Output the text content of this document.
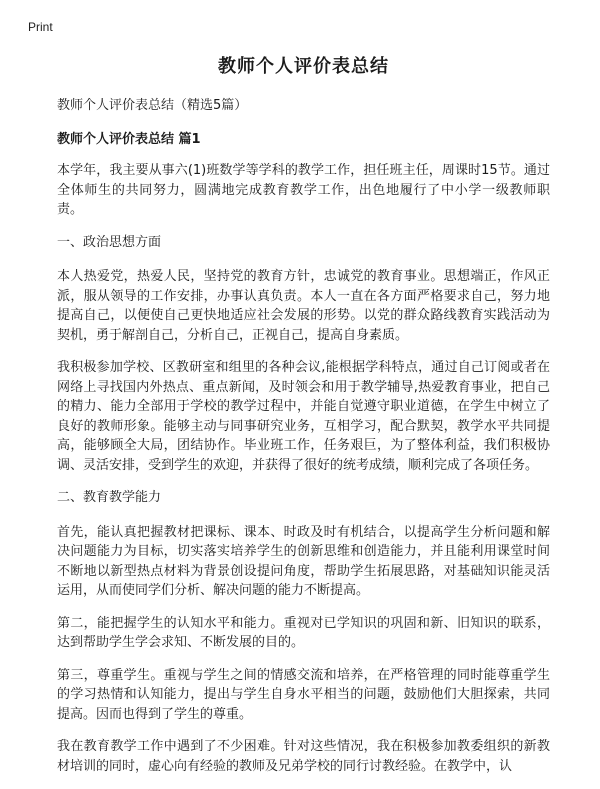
Print
教师个人评价表总结

教师个人评价表总结（精选5篇）

教师个人评价表总结 篇1

本学年，我主要从事六(1)班数学等学科的教学工作，担任班主任，周课时15节。通过全体师生的共同努力，圆满地完成教育教学工作，出色地履行了中小学一级教师职责。

一、政治思想方面

本人热爱党，热爱人民，坚持党的教育方针，忠诚党的教育事业。思想端正，作风正派，服从领导的工作安排，办事认真负责。本人一直在各方面严格要求自己，努力地提高自己，以便使自己更快地适应社会发展的形势。以党的群众路线教育实践活动为契机，勇于解剖自己，分析自己，正视自己，提高自身素质。

我积极参加学校、区教研室和组里的各种会议,能根据学科特点，通过自己订阅或者在网络上寻找国内外热点、重点新闻，及时领会和用于教学辅导,热爱教育事业，把自己的精力、能力全部用于学校的教学过程中，并能自觉遵守职业道德，在学生中树立了良好的教师形象。能够主动与同事研究业务，互相学习，配合默契，教学水平共同提高，能够顾全大局，团结协作。毕业班工作，任务艰巨，为了整体利益，我们积极协调、灵活安排，受到学生的欢迎，并获得了很好的统考成绩，顺利完成了各项任务。

二、教育教学能力

首先，能认真把握教材把课标、课本、时政及时有机结合，以提高学生分析问题和解决问题能力为目标，切实落实培养学生的创新思维和创造能力，并且能利用课堂时间不断地以新型热点材料为背景创设提问角度，帮助学生拓展思路，对基础知识能灵活运用，从而使同学们分析、解决问题的能力不断提高。

第二，能把握学生的认知水平和能力。重视对已学知识的巩固和新、旧知识的联系，达到帮助学生学会求知、不断发展的目的。

第三，尊重学生。重视与学生之间的情感交流和培养，在严格管理的同时能尊重学生的学习热情和认知能力，提出与学生自身水平相当的问题，鼓励他们大胆探索，共同提高。因而也得到了学生的尊重。

我在教育教学工作中遇到了不少困难。针对这些情况，我在积极参加教委组织的新教材培训的同时，虚心向有经验的教师及兄弟学校的同行讨教经验。在教学中，认
